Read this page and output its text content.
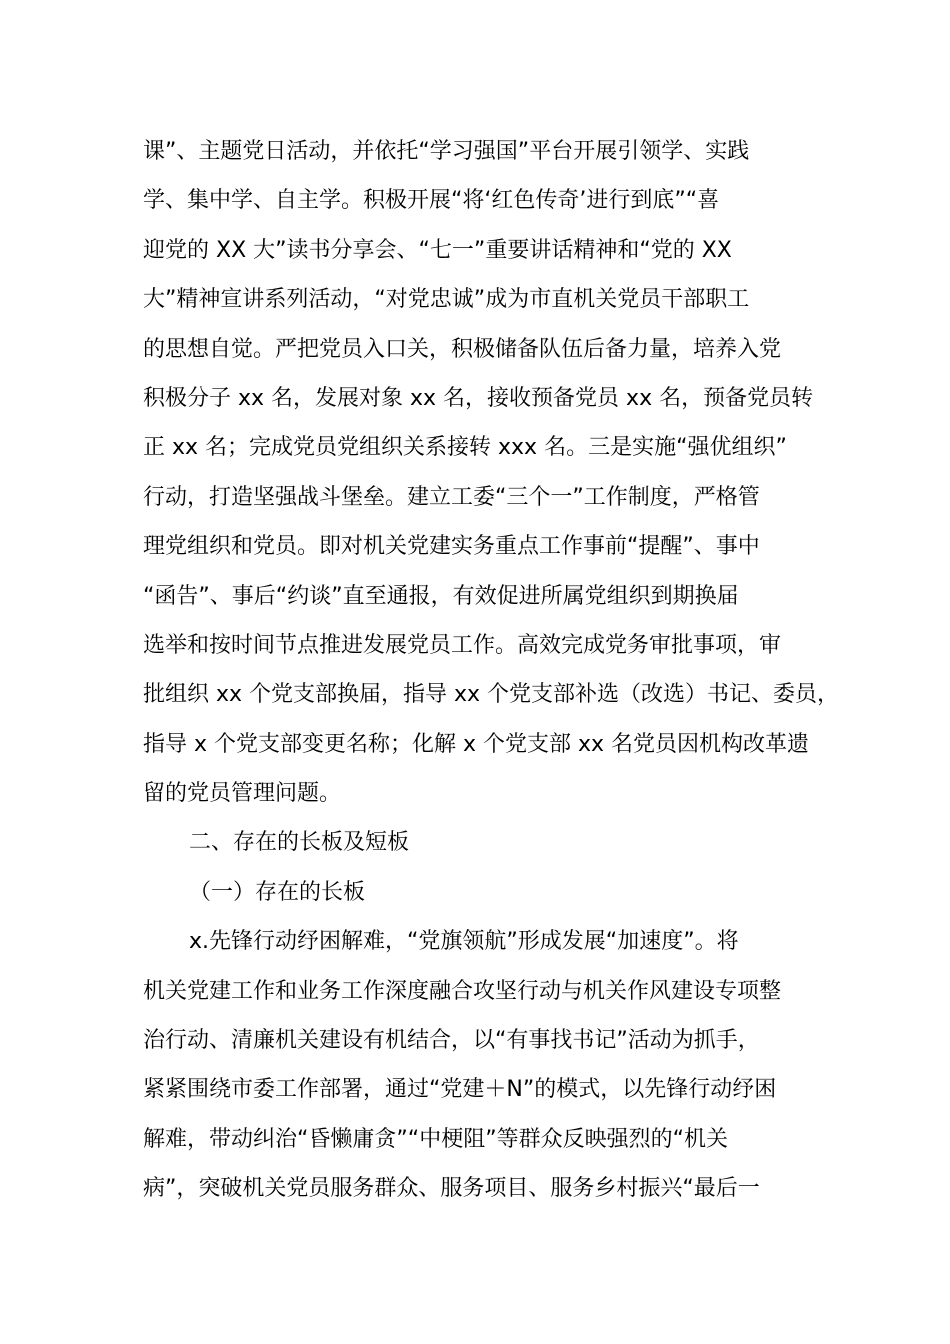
课”、主题党日活动，并依托“学习强国”平台开展引领学、实践
学、集中学、自主学。积极开展“将‘红色传奇’进行到底”“喜
迎党的 XX 大”读书分享会、“七一”重要讲话精神和“党的 XX
大”精神宣讲系列活动，“对党忠诚”成为市直机关党员干部职工
的思想自觉。严把党员入口关，积极储备队伍后备力量，培养入党
积极分子 xx 名，发展对象 xx 名，接收预备党员 xx 名，预备党员转
正 xx 名；完成党员党组织关系接转 xxx 名。三是实施“强优组织”
行动，打造坚强战斗堡垒。建立工委“三个一”工作制度，严格管
理党组织和党员。即对机关党建实务重点工作事前“提醒”、事中
“函告”、事后“约谈”直至通报，有效促进所属党组织到期换届
选举和按时间节点推进发展党员工作。高效完成党务审批事项，审
批组织 xx 个党支部换届，指导 xx 个党支部补选（改选）书记、委员，
指导 x 个党支部变更名称；化解 x 个党支部 xx 名党员因机构改革遗
留的党员管理问题。
二、存在的长板及短板
（一）存在的长板
x.先锋行动纾困解难，“党旗领航”形成发展“加速度”。将
机关党建工作和业务工作深度融合攻坚行动与机关作风建设专项整
治行动、清廉机关建设有机结合，以“有事找书记”活动为抓手，
紧紧围绕市委工作部署，通过“党建＋N”的模式，以先锋行动纾困
解难，带动纠治“昏懒庸贪”“中梗阻”等群众反映强烈的“机关
病”，突破机关党员服务群众、服务项目、服务乡村振兴“最后一
